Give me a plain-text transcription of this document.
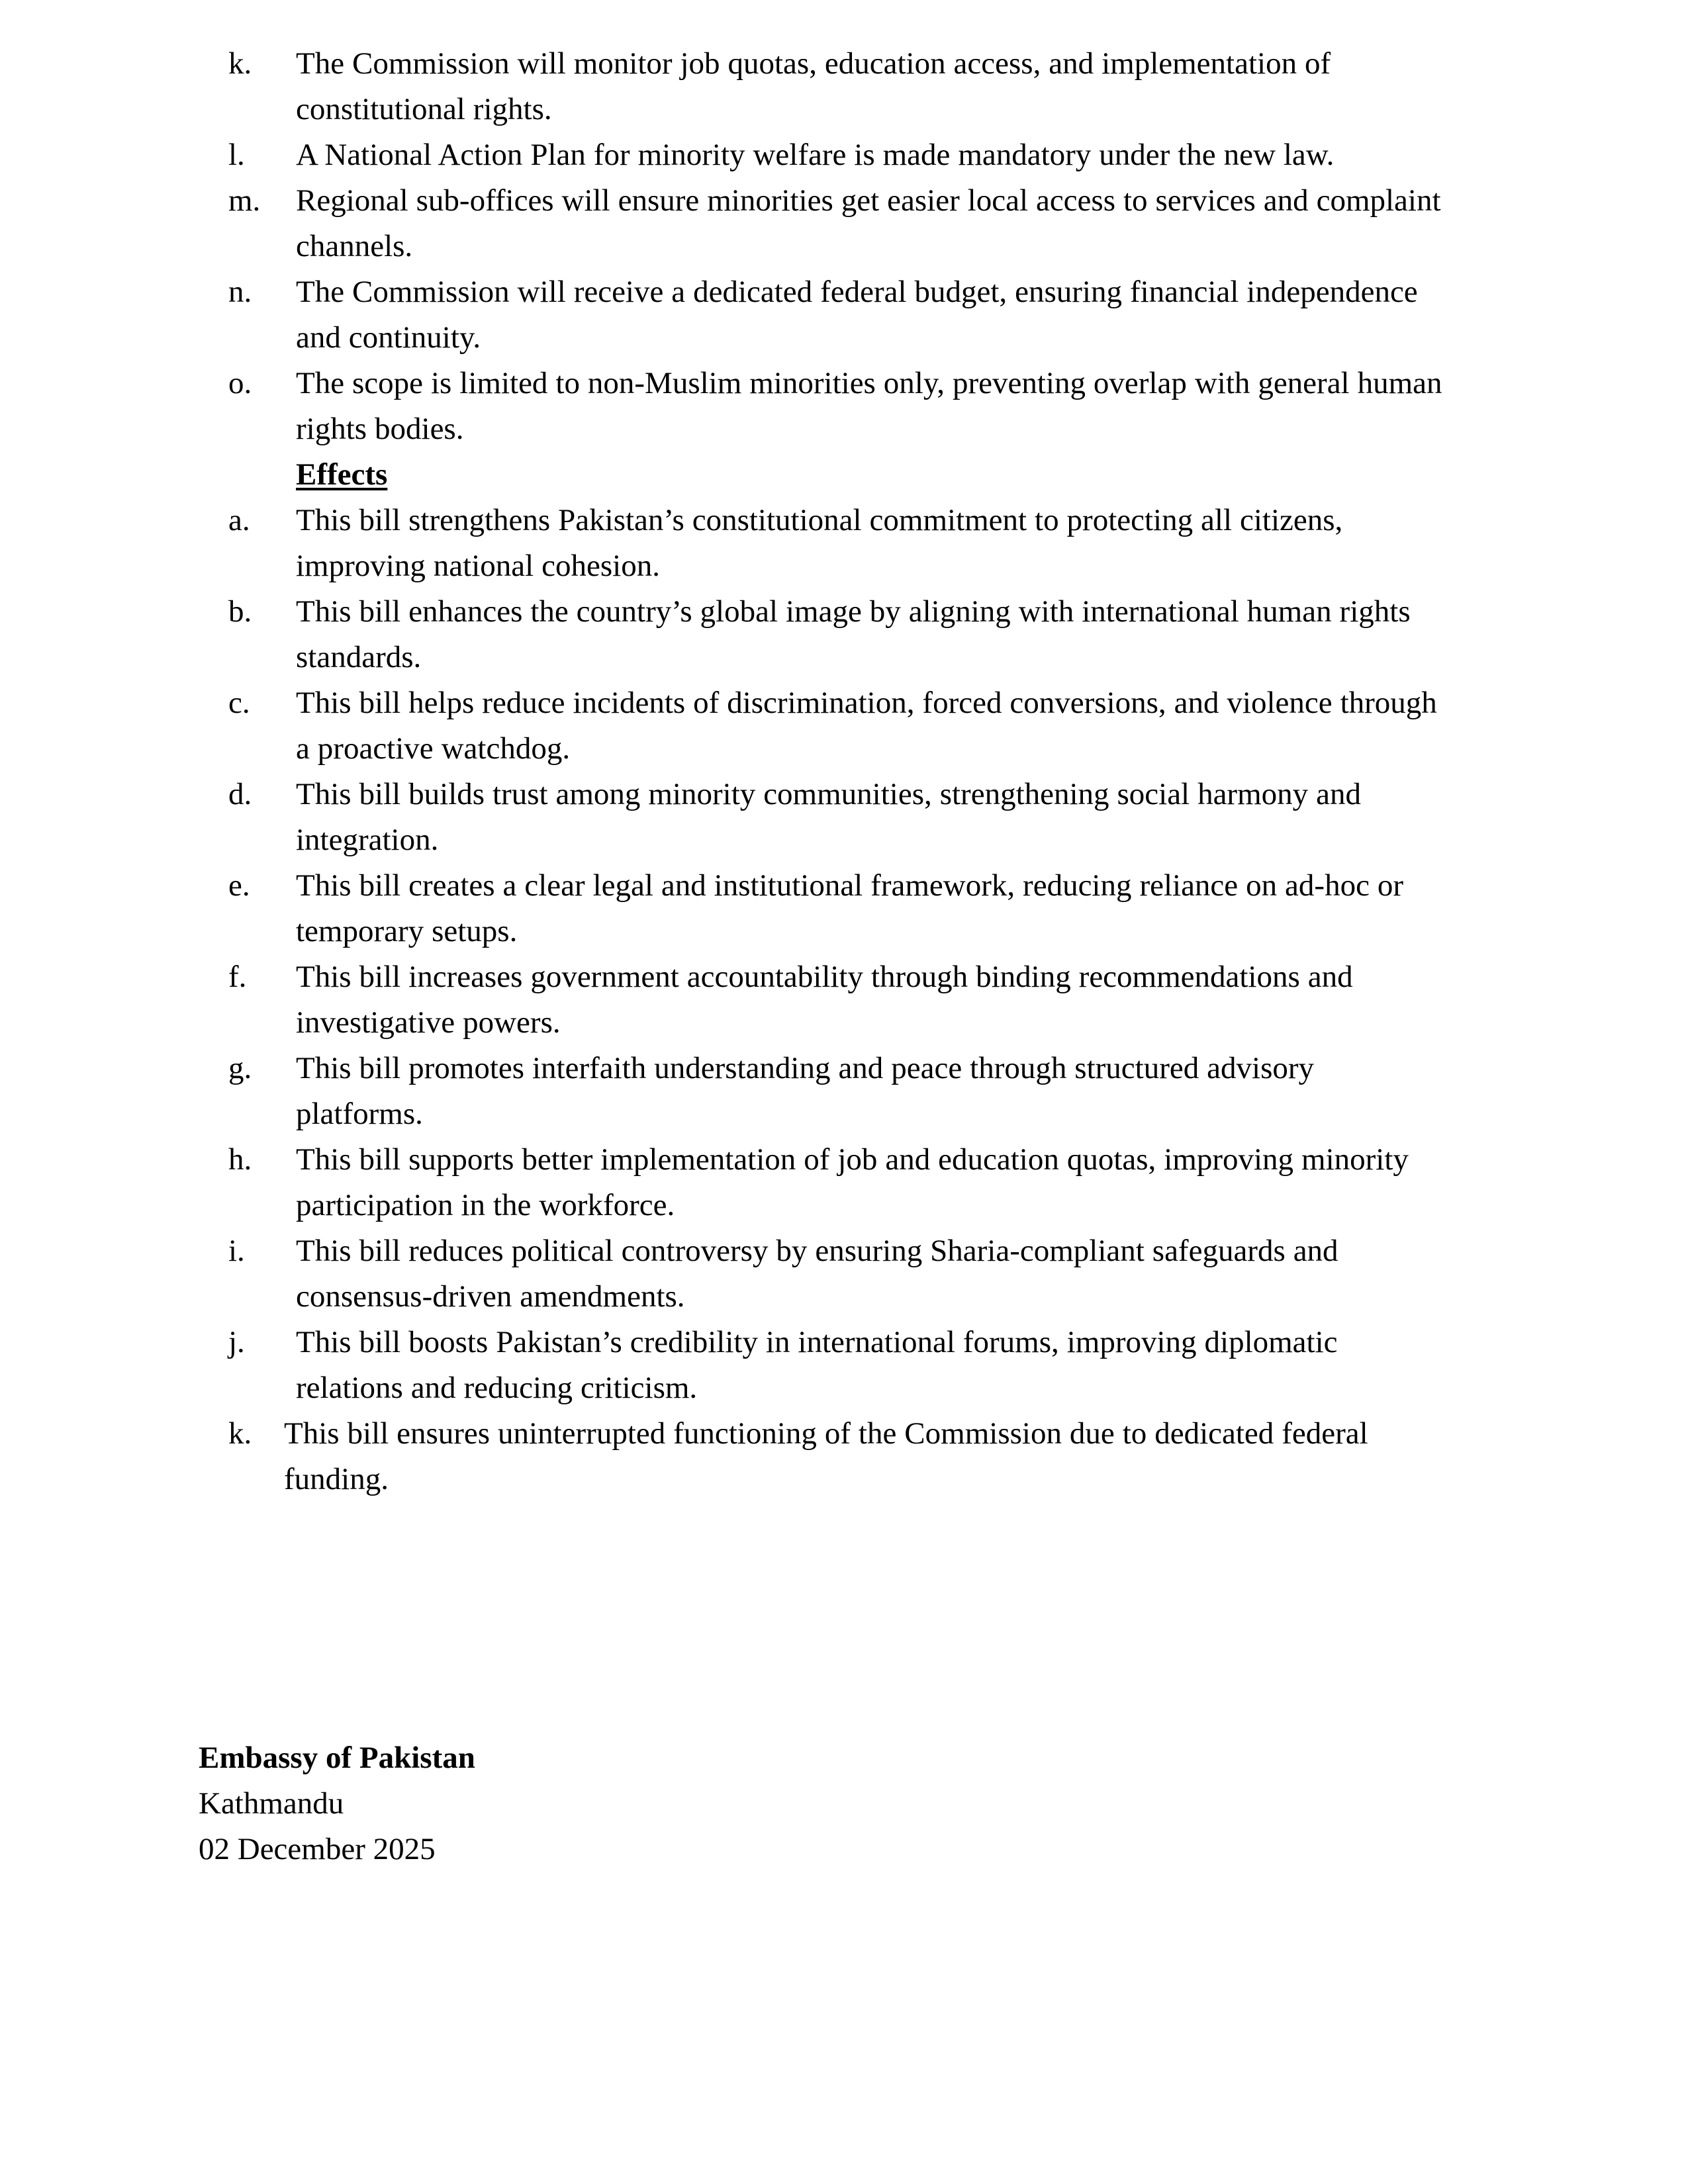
k.	The Commission will monitor job quotas, education access, and implementation of constitutional rights.
l.	A National Action Plan for minority welfare is made mandatory under the new law.
m.	Regional sub-offices will ensure minorities get easier local access to services and complaint channels.
n.	The Commission will receive a dedicated federal budget, ensuring financial independence and continuity.
o.	The scope is limited to non-Muslim minorities only, preventing overlap with general human rights bodies.
Effects
a.	This bill strengthens Pakistan’s constitutional commitment to protecting all citizens, improving national cohesion.
b.	This bill enhances the country’s global image by aligning with international human rights standards.
c.	This bill helps reduce incidents of discrimination, forced conversions, and violence through a proactive watchdog.
d.	This bill builds trust among minority communities, strengthening social harmony and integration.
e.	This bill creates a clear legal and institutional framework, reducing reliance on ad-hoc or temporary setups.
f.	This bill increases government accountability through binding recommendations and investigative powers.
g.	This bill promotes interfaith understanding and peace through structured advisory platforms.
h.	This bill supports better implementation of job and education quotas, improving minority participation in the workforce.
i.	This bill reduces political controversy by ensuring Sharia-compliant safeguards and consensus-driven amendments.
j.	This bill boosts Pakistan’s credibility in international forums, improving diplomatic relations and reducing criticism.
k.	This bill ensures uninterrupted functioning of the Commission due to dedicated federal funding.
Embassy of Pakistan
Kathmandu
02 December 2025
